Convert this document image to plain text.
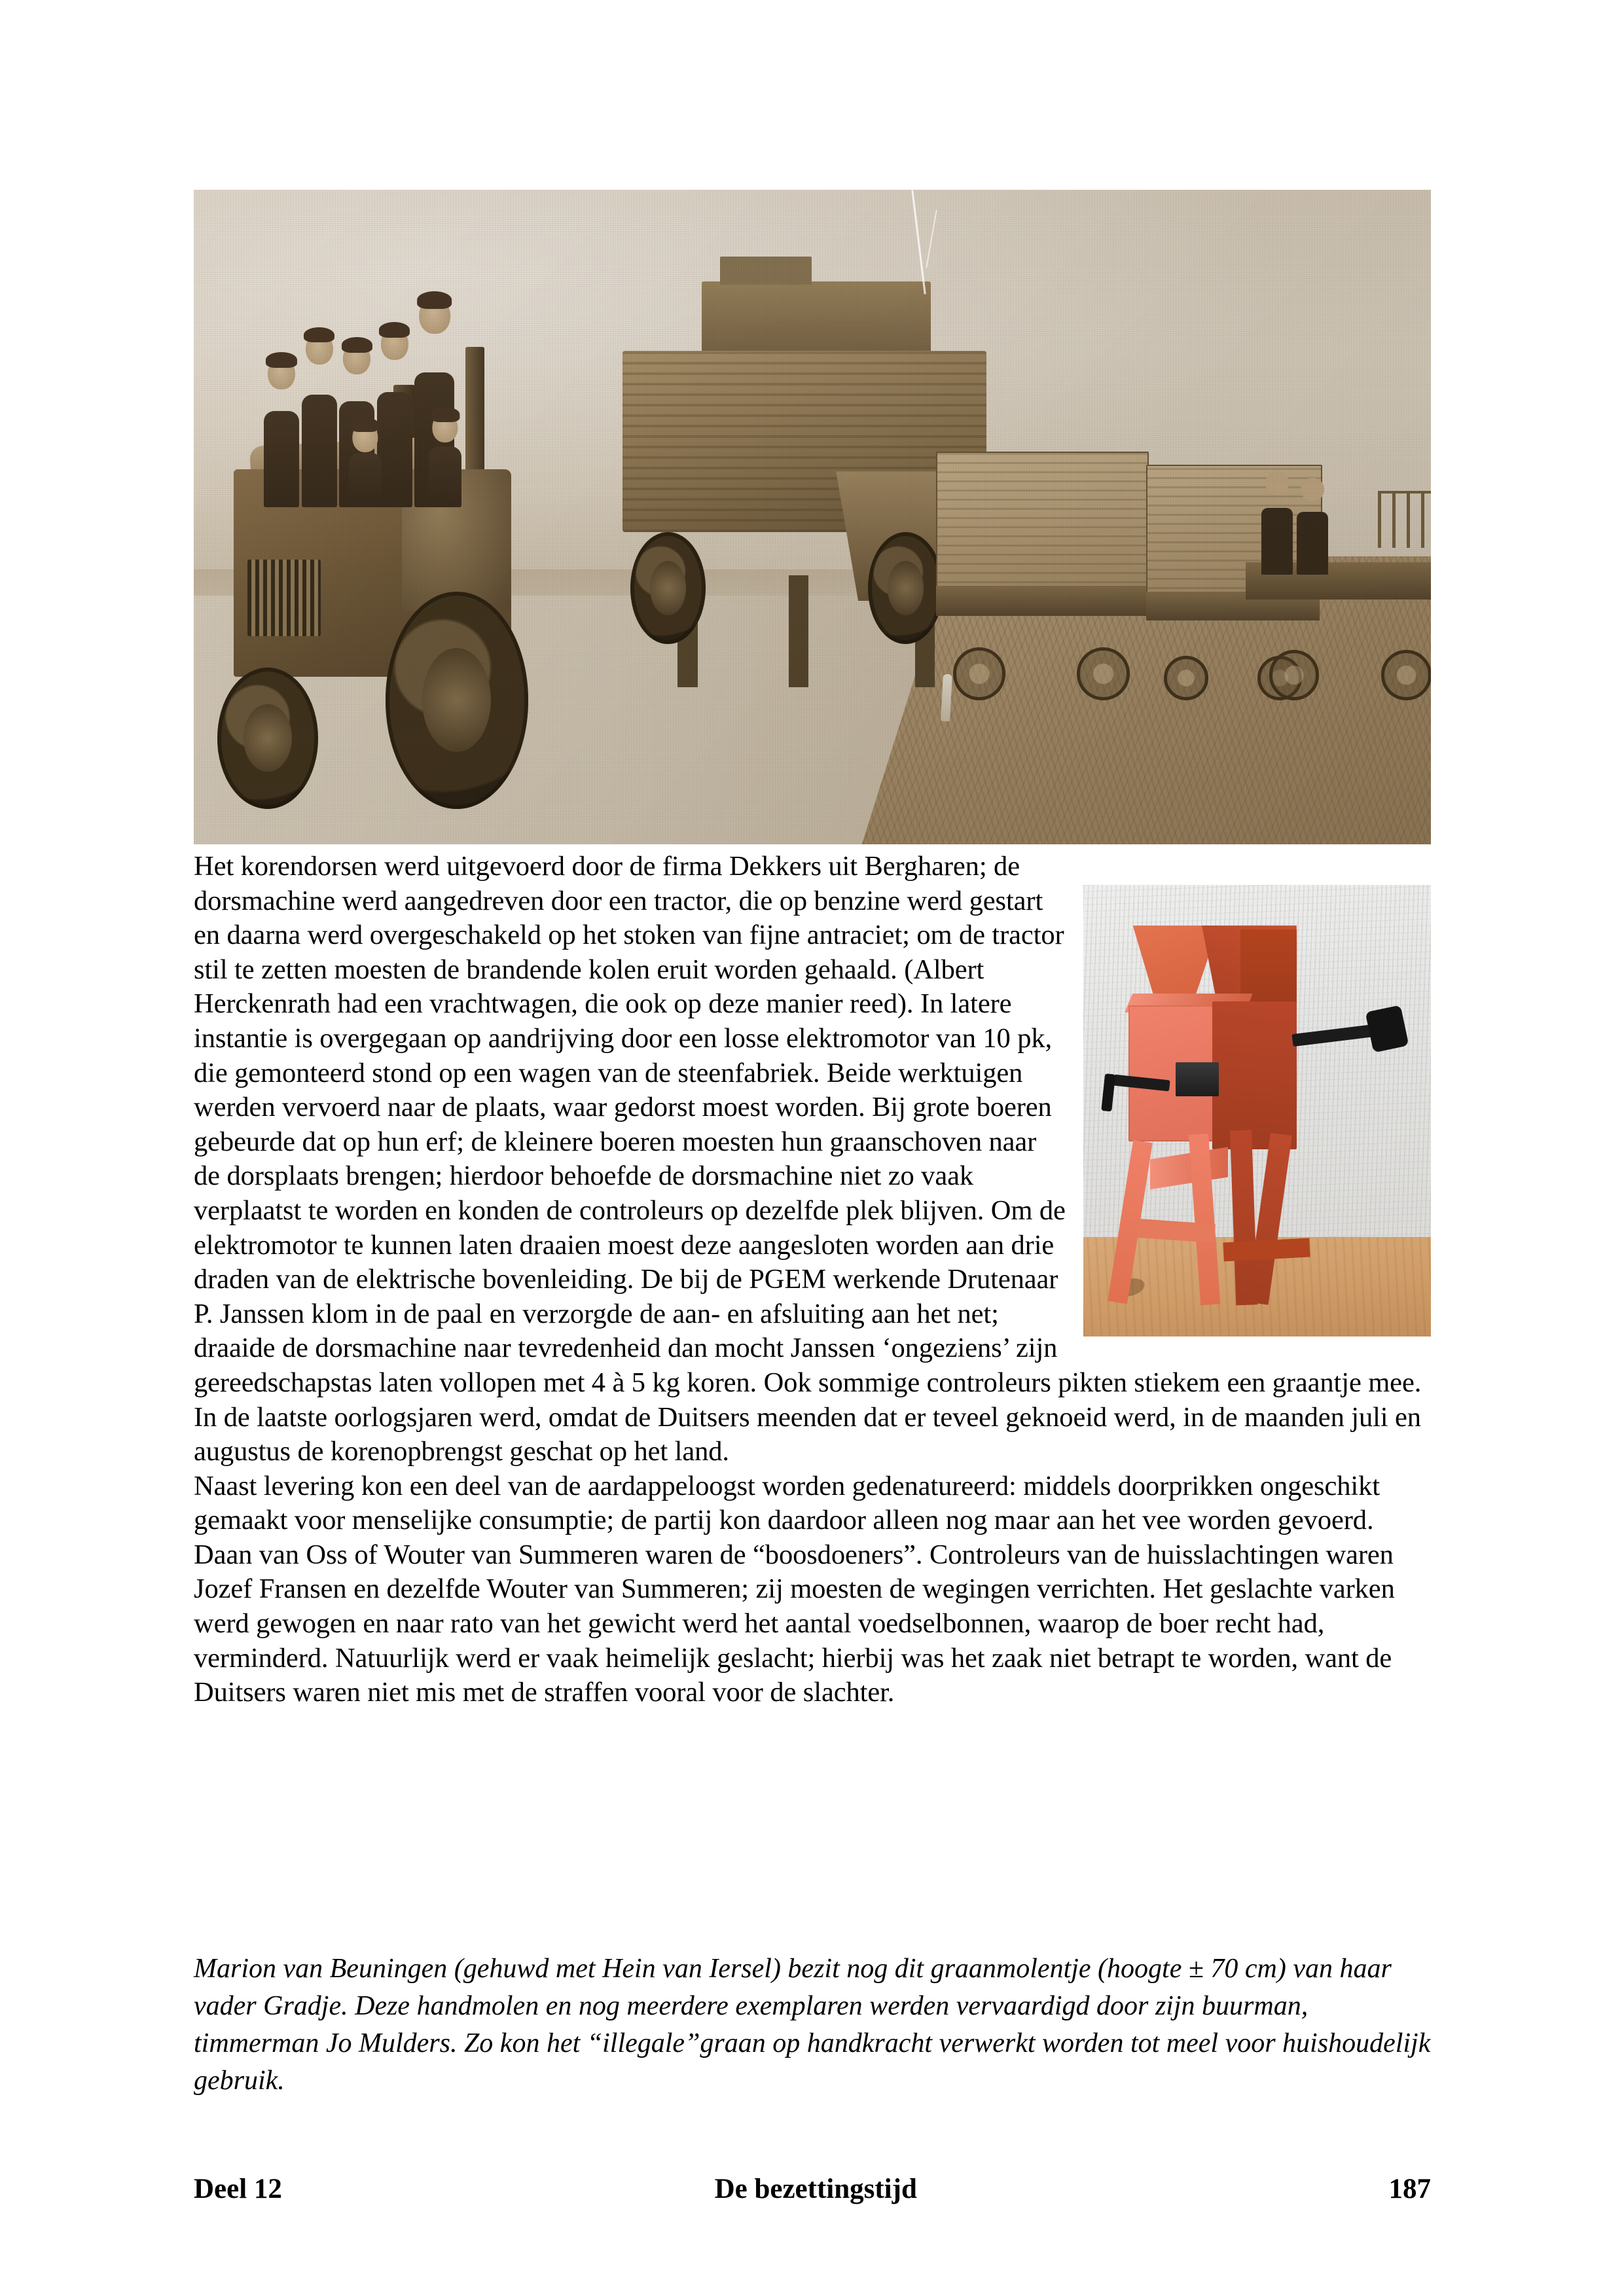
Het korendorsen werd uitgevoerd door de firma Dekkers uit Bergharen; de dorsmachine werd aangedreven door een tractor, die op benzine werd gestart en daarna werd overgeschakeld op het stoken van fijne antraciet; om de tractor stil te zetten moesten de brandende kolen eruit worden gehaald. (Albert Herckenrath had een vrachtwagen, die ook op deze manier reed). In latere instantie is overgegaan op aandrijving door een losse elektromotor van 10 pk, die gemonteerd stond op een wagen van de steenfabriek. Beide werktuigen werden vervoerd naar de plaats, waar gedorst moest worden. Bij grote boeren gebeurde dat op hun erf; de kleinere boeren moesten hun graanschoven naar de dorsplaats brengen; hierdoor behoefde de dorsmachine niet zo vaak verplaatst te worden en konden de controleurs op dezelfde plek blijven. Om de elektromotor te kunnen laten draaien moest deze aangesloten worden aan drie draden van de elektrische bovenleiding. De bij de PGEM werkende Drutenaar P. Janssen klom in de paal en verzorgde de aan- en afsluiting aan het net; draaide de dorsmachine naar tevredenheid dan mocht Janssen ‘ongeziens’ zijn gereedschapstas laten vollopen met 4 à 5 kg koren. Ook sommige controleurs pikten stiekem een graantje mee.

In de laatste oorlogsjaren werd, omdat de Duitsers meenden dat er teveel geknoeid werd, in de maanden juli en augustus de korenopbrengst geschat op het land.

Naast levering kon een deel van de aardappeloogst worden gedenatureerd: middels doorprikken ongeschikt gemaakt voor menselijke consumptie; de partij kon daardoor alleen nog maar aan het vee worden gevoerd. Daan van Oss of Wouter van Summeren waren de “boosdoeners”. Controleurs van de huisslachtingen waren Jozef Fransen en dezelfde Wouter van Summeren; zij moesten de wegingen verrichten. Het geslachte varken werd gewogen en naar rato van het gewicht werd het aantal voedselbonnen, waarop de boer recht had, verminderd. Natuurlijk werd er vaak heimelijk geslacht; hierbij was het zaak niet betrapt te worden, want de Duitsers waren niet mis met de straffen vooral voor de slachter.

Marion van Beuningen (gehuwd met Hein van Iersel) bezit nog dit graanmolentje (hoogte ± 70 cm) van haar vader Gradje. Deze handmolen en nog meerdere exemplaren werden vervaardigd door zijn buurman, timmerman Jo Mulders. Zo kon het “illegale”graan op handkracht verwerkt worden tot meel voor huishoudelijk gebruik.

Deel 12	De bezettingstijd	187
